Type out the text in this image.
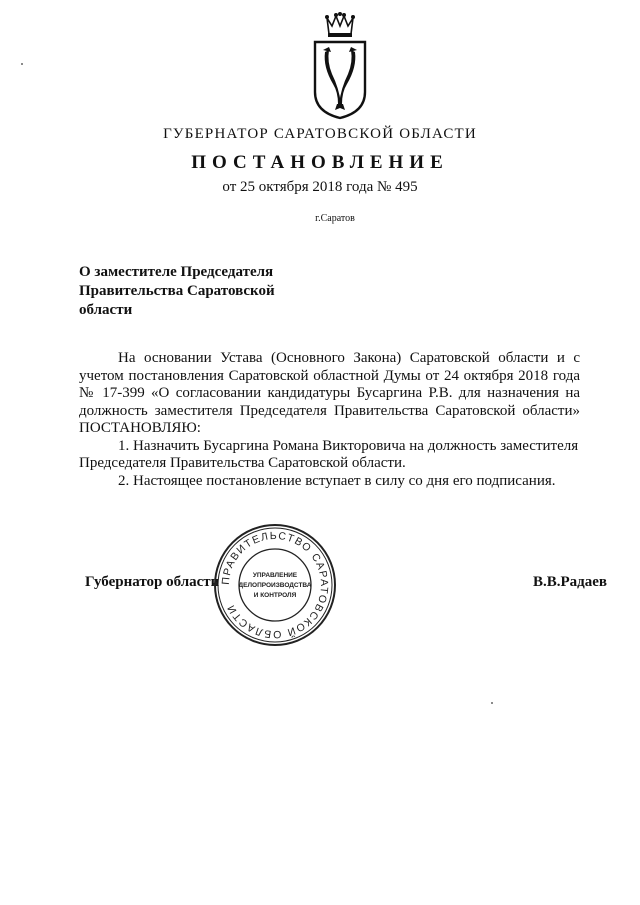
ГУБЕРНАТОР САРАТОВСКОЙ ОБЛАСТИ
ПОСТАНОВЛЕНИЕ
от 25 октября 2018 года № 495
г.Саратов
О заместителе Председателя
Правительства Саратовской
области

На основании Устава (Основного Закона) Саратовской области и с учетом постановления Саратовской областной Думы от 24 октября 2018 года № 17-399 «О согласовании кандидатуры Бусаргина Р.В. для назначения на должность заместителя Председателя Правительства Саратовской области» ПОСТАНОВЛЯЮ:

1. Назначить Бусаргина Романа Викторовича на должность заместителя Председателя Правительства Саратовской области.

2. Настоящее постановление вступает в силу со дня его подписания.

Губернатор области	В.В.Радаев
ПРАВИТЕЛЬСТВО САРАТОВСКОЙ ОБЛАСТИ
УПРАВЛЕНИЕ
ДЕЛОПРОИЗВОДСТВА
И КОНТРОЛЯ
